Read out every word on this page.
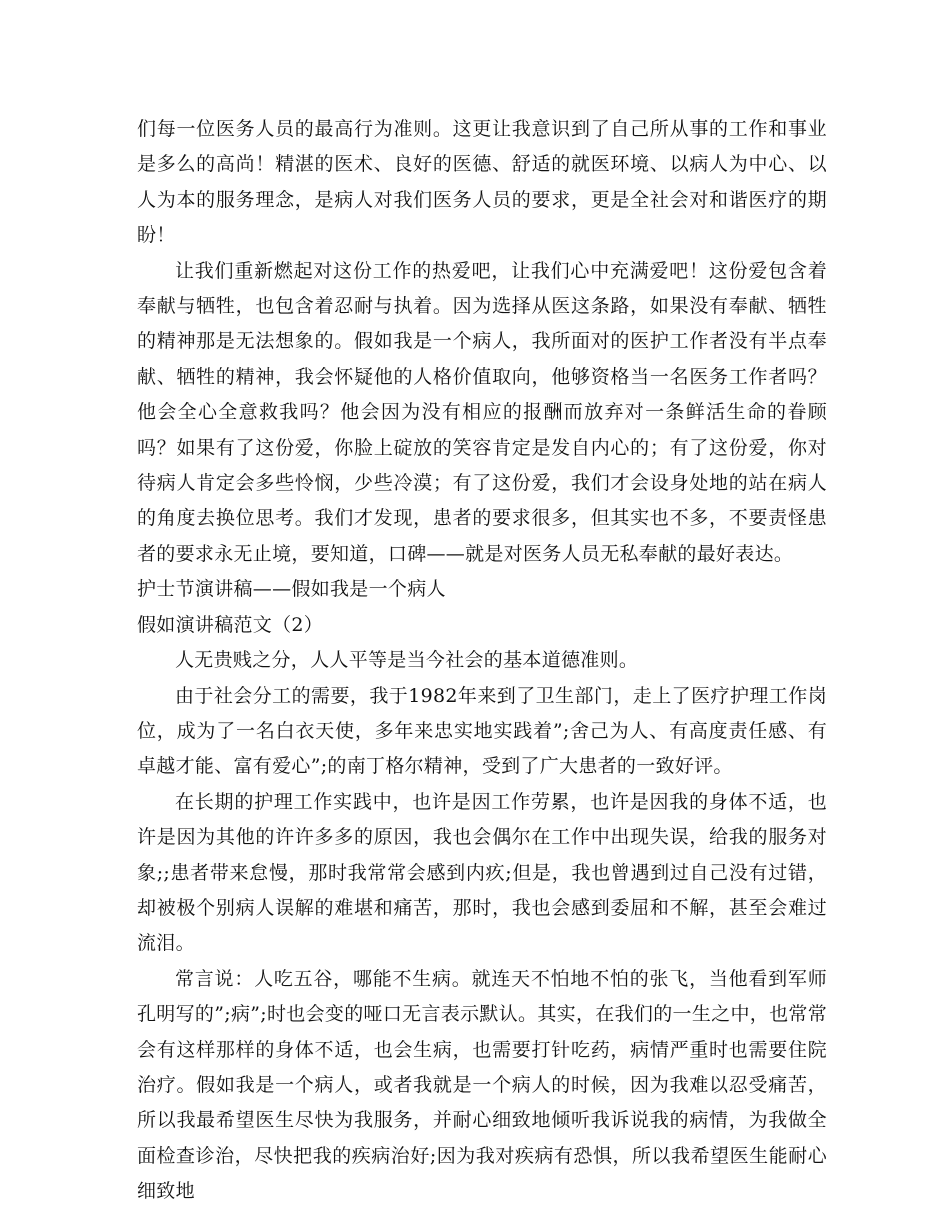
们每一位医务人员的最高行为准则。这更让我意识到了自己所从事的工作和事业是多么的高尚！精湛的医术、良好的医德、舒适的就医环境、以病人为中心、以人为本的服务理念，是病人对我们医务人员的要求，更是全社会对和谐医疗的期盼！

让我们重新燃起对这份工作的热爱吧，让我们心中充满爱吧！这份爱包含着奉献与牺牲，也包含着忍耐与执着。因为选择从医这条路，如果没有奉献、牺牲的精神那是无法想象的。假如我是一个病人，我所面对的医护工作者没有半点奉献、牺牲的精神，我会怀疑他的人格价值取向，他够资格当一名医务工作者吗？他会全心全意救我吗？他会因为没有相应的报酬而放弃对一条鲜活生命的眷顾吗？如果有了这份爱，你脸上碇放的笑容肯定是发自内心的；有了这份爱，你对待病人肯定会多些怜悯，少些冷漠；有了这份爱，我们才会设身处地的站在病人的角度去换位思考。我们才发现，患者的要求很多，但其实也不多，不要责怪患者的要求永无止境，要知道，口碑——就是对医务人员无私奉献的最好表达。

护士节演讲稿——假如我是一个病人

假如演讲稿范文（2）

人无贵贱之分，人人平等是当今社会的基本道德准则。

由于社会分工的需要，我于1982年来到了卫生部门，走上了医疗护理工作岗位，成为了一名白衣天使，多年来忠实地实践着”;舍己为人、有高度责任感、有卓越才能、富有爱心”;的南丁格尔精神，受到了广大患者的一致好评。

在长期的护理工作实践中，也许是因工作劳累，也许是因我的身体不适，也许是因为其他的许许多多的原因，我也会偶尔在工作中出现失误，给我的服务对象;;患者带来怠慢，那时我常常会感到内疚;但是，我也曾遇到过自己没有过错，却被极个别病人误解的难堪和痛苦，那时，我也会感到委屈和不解，甚至会难过流泪。

常言说：人吃五谷，哪能不生病。就连天不怕地不怕的张飞，当他看到军师孔明写的”;病”;时也会变的哑口无言表示默认。其实，在我们的一生之中，也常常会有这样那样的身体不适，也会生病，也需要打针吃药，病情严重时也需要住院治疗。假如我是一个病人，或者我就是一个病人的时候，因为我难以忍受痛苦，所以我最希望医生尽快为我服务，并耐心细致地倾听我诉说我的病情，为我做全面检查诊治，尽快把我的疾病治好;因为我对疾病有恐惧，所以我希望医生能耐心细致地
